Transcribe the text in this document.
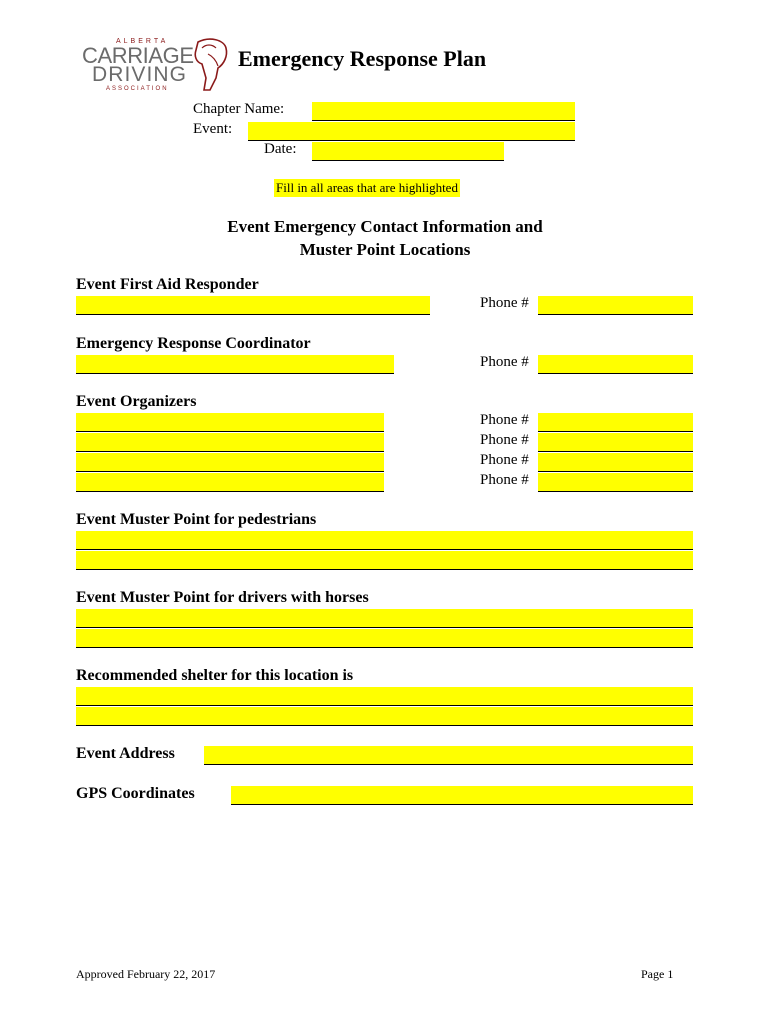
ALBERTA
CARRIAGE
DRIVING
ASSOCIATION
Emergency Response Plan
Chapter Name:
Event:
Date:
Fill in all areas that are highlighted
Event Emergency Contact Information and
Muster Point Locations
Event First Aid Responder
Phone #
Emergency Response Coordinator
Phone #
Event Organizers
Phone #
Phone #
Phone #
Phone #
Event Muster Point for pedestrians
Event Muster Point for drivers with horses
Recommended shelter for this location is
Event Address
GPS Coordinates
Approved February 22, 2017	Page 1
